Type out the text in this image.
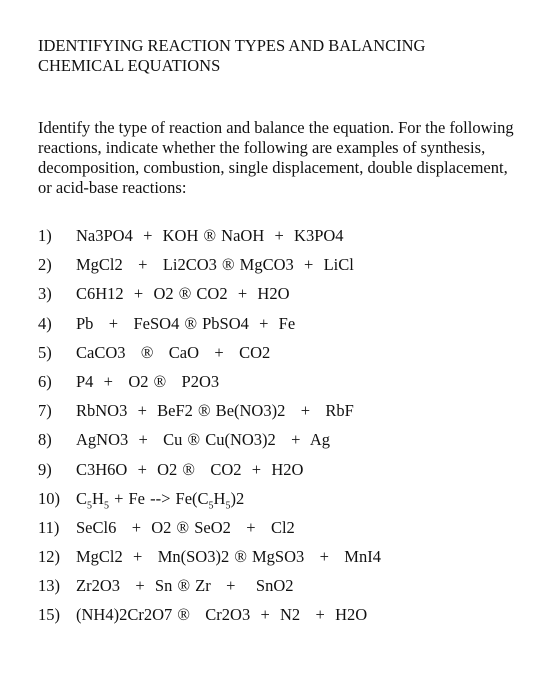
IDENTIFYING REACTION TYPES AND BALANCING
CHEMICAL EQUATIONS

Identify the type of reaction and balance the equation. For the following reactions, indicate whether the following are examples of synthesis, decomposition, combustion, single displacement, double displacement, or acid-base reactions:

1)	Na3PO4  +  KOH ® NaOH  +  K3PO4
2)	MgCl2   +   Li2CO3 ® MgCO3  +  LiCl
3)	C6H12  +  O2 ® CO2  +  H2O
4)	Pb   +   FeSO4 ® PbSO4  +  Fe
5)	CaCO3   ®   CaO   +   CO2
6)	P4  +   O2 ®   P2O3
7)	RbNO3  +  BeF2 ® Be(NO3)2   +   RbF
8)	AgNO3  +   Cu ® Cu(NO3)2   +  Ag
9)	C3H6O  +  O2 ®   CO2  +  H2O
10) $C_5H_5 + Fe$ --> $Fe(C_5H_5)2$
11)	SeCl6   +  O2 ® SeO2   +   Cl2
12) MgCl2  +   Mn(SO3)2 ® MgSO3   +   MnI4
13) Zr2O3   +  Sn ® Zr   +    SnO2
15) (NH4)2Cr2O7 ®   Cr2O3  +  N2   +  H2O
